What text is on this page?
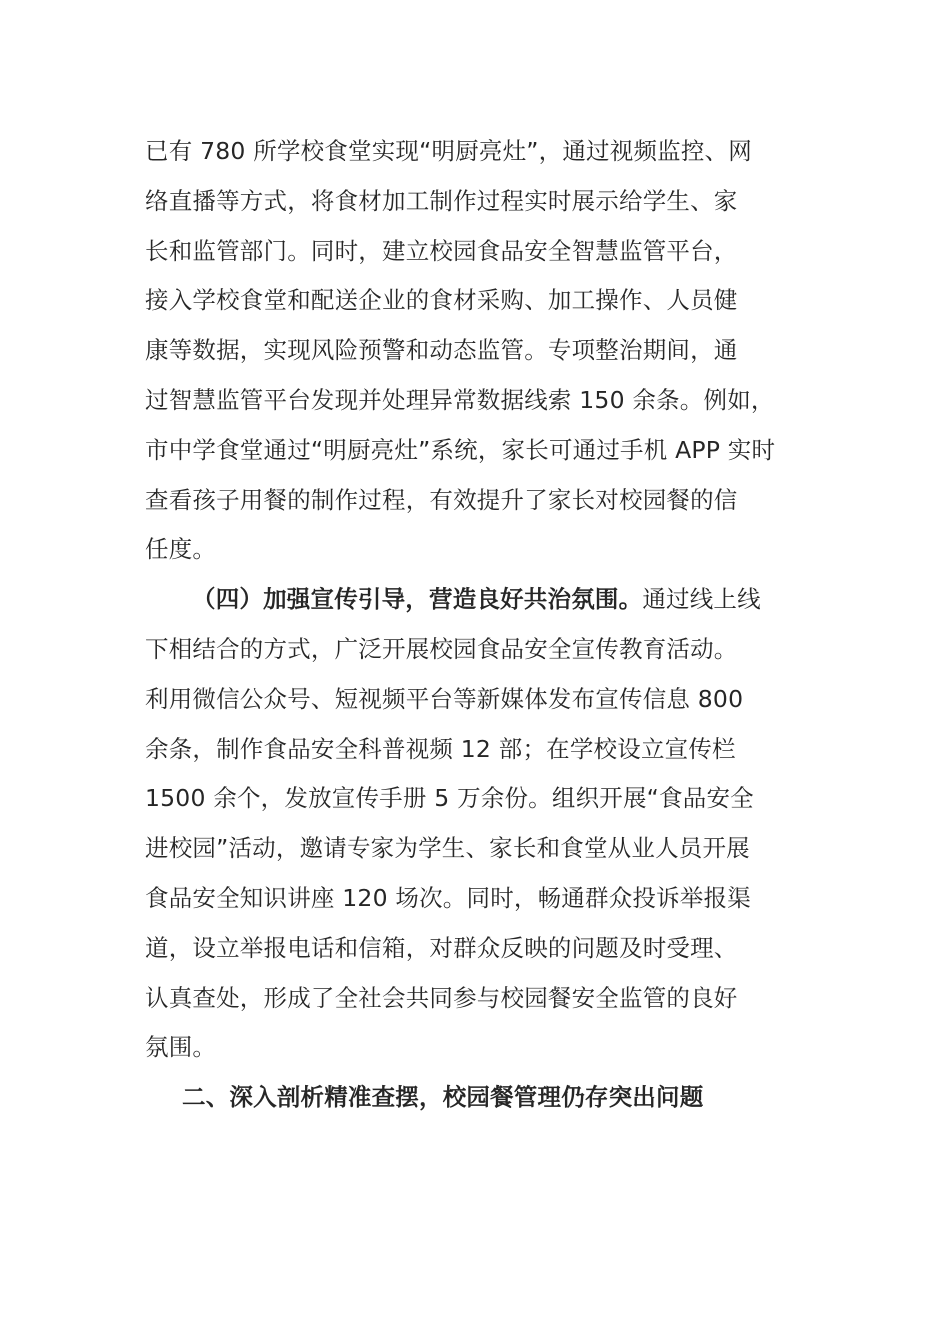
已有 780 所学校食堂实现“明厨亮灶”，通过视频监控、网
络直播等方式，将食材加工制作过程实时展示给学生、家
长和监管部门。同时，建立校园食品安全智慧监管平台，
接入学校食堂和配送企业的食材采购、加工操作、人员健
康等数据，实现风险预警和动态监管。专项整治期间，通
过智慧监管平台发现并处理异常数据线索 150 余条。例如，
市中学食堂通过“明厨亮灶”系统，家长可通过手机 APP 实时
查看孩子用餐的制作过程，有效提升了家长对校园餐的信
任度。

（四）加强宣传引导，营造良好共治氛围。通过线上线
下相结合的方式，广泛开展校园食品安全宣传教育活动。
利用微信公众号、短视频平台等新媒体发布宣传信息 800
余条，制作食品安全科普视频 12 部；在学校设立宣传栏
1500 余个，发放宣传手册 5 万余份。组织开展“食品安全
进校园”活动，邀请专家为学生、家长和食堂从业人员开展
食品安全知识讲座 120 场次。同时，畅通群众投诉举报渠
道，设立举报电话和信箱，对群众反映的问题及时受理、
认真查处，形成了全社会共同参与校园餐安全监管的良好
氛围。

二、深入剖析精准查摆，校园餐管理仍存突出问题
